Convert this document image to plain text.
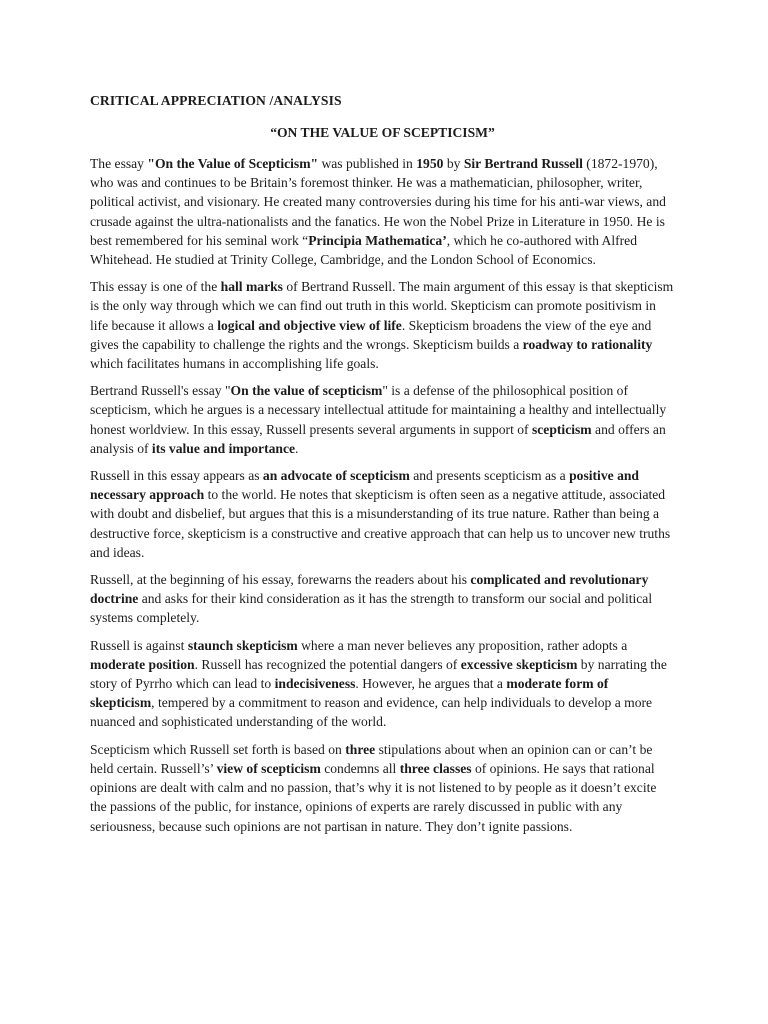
CRITICAL APPRECIATION /ANALYSIS
“ON THE VALUE OF SCEPTICISM”

The essay "On the Value of Scepticism" was published in 1950 by Sir Bertrand Russell (1872-1970), who was and continues to be Britain’s foremost thinker. He was a mathematician, philosopher, writer, political activist, and visionary. He created many controversies during his time for his anti-war views, and crusade against the ultra-nationalists and the fanatics. He won the Nobel Prize in Literature in 1950. He is best remembered for his seminal work “Principia Mathematica’, which he co-authored with Alfred Whitehead. He studied at Trinity College, Cambridge, and the London School of Economics.

This essay is one of the hall marks of Bertrand Russell. The main argument of this essay is that skepticism is the only way through which we can find out truth in this world. Skepticism can promote positivism in life because it allows a logical and objective view of life. Skepticism broadens the view of the eye and gives the capability to challenge the rights and the wrongs. Skepticism builds a roadway to rationality which facilitates humans in accomplishing life goals.

Bertrand Russell's essay "On the value of scepticism" is a defense of the philosophical position of scepticism, which he argues is a necessary intellectual attitude for maintaining a healthy and intellectually honest worldview. In this essay, Russell presents several arguments in support of scepticism and offers an analysis of its value and importance.

Russell in this essay appears as an advocate of scepticism and presents scepticism as a positive and necessary approach to the world. He notes that skepticism is often seen as a negative attitude, associated with doubt and disbelief, but argues that this is a misunderstanding of its true nature. Rather than being a destructive force, skepticism is a constructive and creative approach that can help us to uncover new truths and ideas.

Russell, at the beginning of his essay, forewarns the readers about his complicated and revolutionary doctrine and asks for their kind consideration as it has the strength to transform our social and political systems completely.

Russell is against staunch skepticism where a man never believes any proposition, rather adopts a moderate position. Russell has recognized the potential dangers of excessive skepticism by narrating the story of Pyrrho which can lead to indecisiveness. However, he argues that a moderate form of skepticism, tempered by a commitment to reason and evidence, can help individuals to develop a more nuanced and sophisticated understanding of the world.

Scepticism which Russell set forth is based on three stipulations about when an opinion can or can’t be held certain. Russell’s’ view of scepticism condemns all three classes of opinions. He says that rational opinions are dealt with calm and no passion, that’s why it is not listened to by people as it doesn’t excite the passions of the public, for instance, opinions of experts are rarely discussed in public with any seriousness, because such opinions are not partisan in nature. They don’t ignite passions.
